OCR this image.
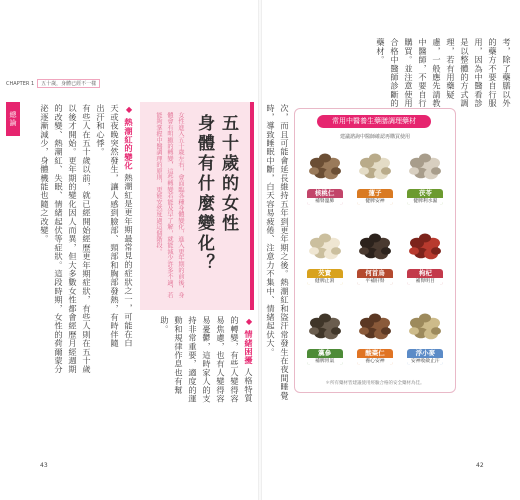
CHAPTER 1	五十歲，身體已經不一樣
總論	五十歲的女性
身體有什麼變化？
女性進入五十歲左右，會面臨各種身體變化，進入更年期的前後，身體會有明顯的轉變，這些轉變若能及早了解，就能減少許多不適，若能夠掌握中醫調理的原則，更能安然度過這個階段。
◆ 熱潮紅的變化 熱潮紅是更年期最常見的症狀之一，可能在白天或夜晚突然發生，讓人感到臉部、頸部和胸部發熱，有時伴隨出汗和心悸。
有些人在五十歲以前，就已經開始經歷更年期症狀，有些人則在五十歲以後才開始。更年期的變化因人而異，但大多數女性都會經歷月經週期的改變、熱潮紅、失眠、情緒起伏等症狀。這段時期，女性的荷爾蒙分泌逐漸減少，身體機能也隨之改變。
◆ 情緒困擾 人格特質的轉變，有些人變得容易焦慮，也有人變得容易憂鬱，這時家人的支持非常重要，適度的運動和規律作息也有幫助。
43
考，除了藥膳以外的藥方不要自行服用，因為中醫看診是以整體的方式調理，若有用藥疑慮，一般應先請教中醫師，不要自行購買。並注意使用合格中醫師診斷的藥材。
常用中醫養生藥膳調理藥材
建議諮詢中醫師確認再購買使用
核桃仁
補腎溫肺
蓮子
健脾安神
茯苓
健脾利水濕
芡實
健脾止瀉
何首烏
平補肝腎
枸杞
補腎明目
黨參
補脾胃氣
酸棗仁
養心安神
浮小麥
安神收斂止汗
＊所有藥材皆建議使用經驗合格的安全藥材為佳。
次，而且可能會延長維持五年到更年期之後。熱潮紅和盜汗常發生在夜間睡覺時，導致睡眠中斷，白天容易疲倦、注意力不集中、情緒起伏大。
42
